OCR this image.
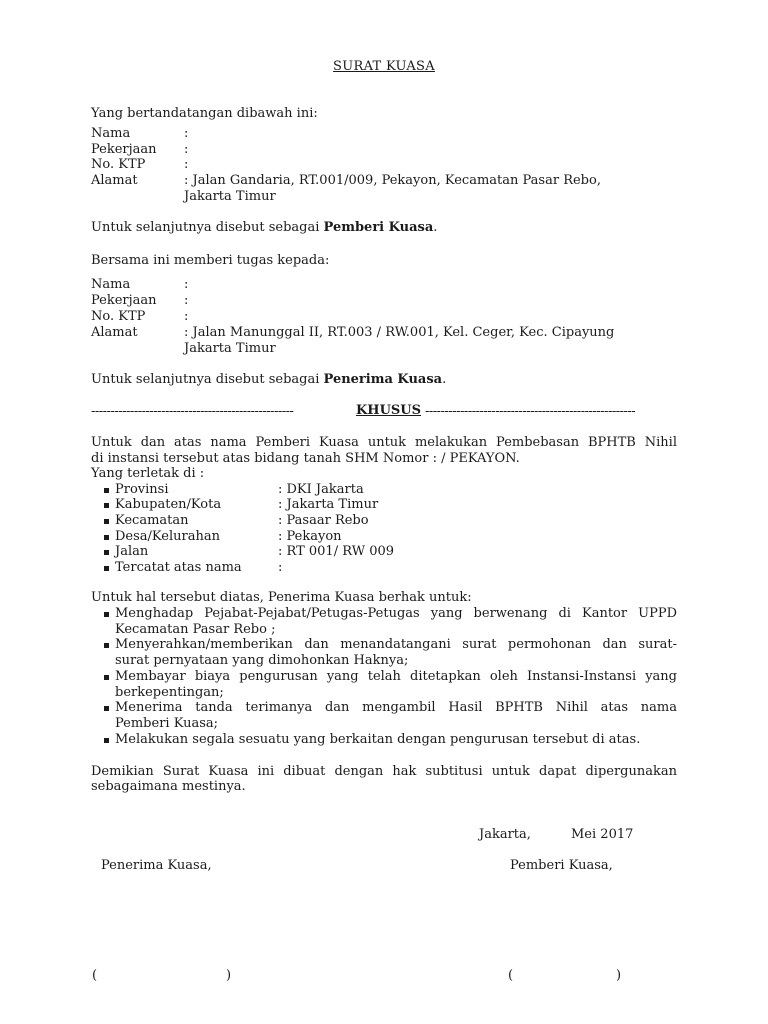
SURAT KUASA
Yang bertandatangan dibawah ini:
Nama	:
Pekerjaan :
No. KTP	:
Alamat	: Jalan Gandaria, RT.001/009, Pekayon, Kecamatan Pasar Rebo,
Jakarta Timur
Untuk selanjutnya disebut sebagai Pemberi Kuasa.
Bersama ini memberi tugas kepada:
Nama	:
Pekerjaan :
No. KTP	:
Alamat	: Jalan Manunggal II, RT.003 / RW.001, Kel. Ceger, Kec. Cipayung
Jakarta Timur
Untuk selanjutnya disebut sebagai Penerima Kuasa.
----------------------------------------------------	KHUSUS ------------------------------------------------------
Untuk dan atas nama Pemberi Kuasa untuk melakukan Pembebasan BPHTB Nihil
di instansi tersebut atas bidang tanah SHM Nomor : / PEKAYON.
Yang terletak di :
Provinsi	: DKI Jakarta
Kabupaten/Kota	: Jakarta Timur
Kecamatan	: Pasaar Rebo
Desa/Kelurahan	: Pekayon
Jalan	: RT 001/ RW 009
Tercatat atas nama	:
Untuk hal tersebut diatas, Penerima Kuasa berhak untuk:
Menghadap Pejabat-Pejabat/Petugas-Petugas yang berwenang di Kantor UPPD
Kecamatan Pasar Rebo ;
Menyerahkan/memberikan dan menandatangani surat permohonan dan surat-
surat pernyataan yang dimohonkan Haknya;
Membayar biaya pengurusan yang telah ditetapkan oleh Instansi-Instansi yang
berkepentingan;
Menerima tanda terimanya dan mengambil Hasil BPHTB Nihil atas nama
Pemberi Kuasa;
Melakukan segala sesuatu yang berkaitan dengan pengurusan tersebut di atas.
Demikian Surat Kuasa ini dibuat dengan hak subtitusi untuk dapat dipergunakan
sebagaimana mestinya.
Jakarta,	Mei 2017
Penerima Kuasa,	Pemberi Kuasa,
(	)	(	)
